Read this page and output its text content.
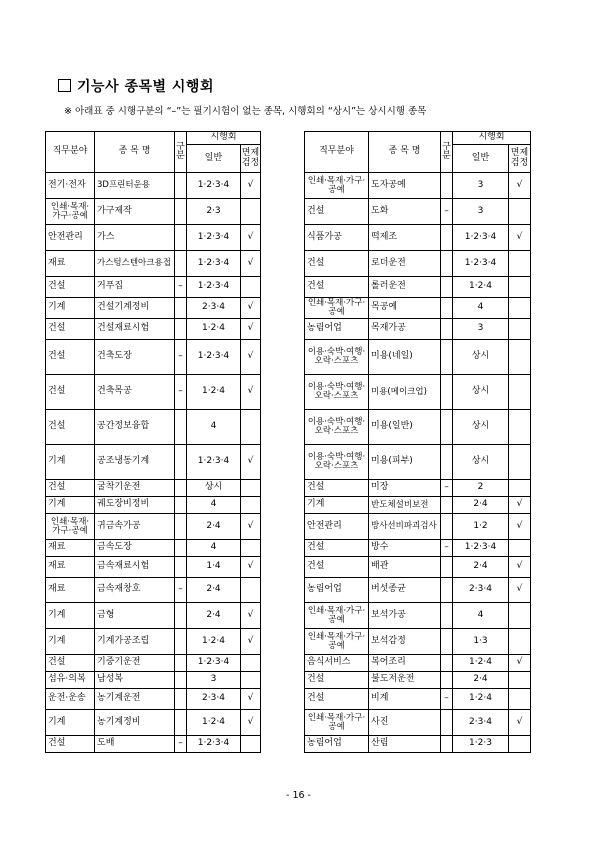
기능사 종목별 시행회
※ 아래표 중 시행구분의 “–”는 필기시험이 없는 종목, 시행회의 “상시”는 상시시행 종목
직무분야	종 목 명	구분	시행회	
			일반	면제검정
전기·전자	3D프린터운용		1·2·3·4	√
인쇄·목재·가구·공예	가구제작		2·3	
안전관리	가스		1·2·3·4	√
재료	가스텅스텐아크용접		1·2·3·4	√
건설	거푸집	–	1·2·3·4	
기계	건설기계정비		2·3·4	√
건설	건설재료시험		1·2·4	√
건설	건축도장	–	1·2·3·4	√
건설	건축목공	–	1·2·4	√
건설	공간정보융합		4	
기계	공조냉동기계		1·2·3·4	√
건설	굴착기운전		상시	
기계	궤도장비정비		4	
인쇄·목재·가구·공예	귀금속가공		2·4	√
재료	금속도장		4	
재료	금속재료시험		1·4	√
재료	금속재창호	–	2·4	
기계	금형		2·4	√
기계	기계가공조립		1·2·4	√
건설	기중기운전		1·2·3·4	
섬유·의복	남성복		3	
운전·운송	농기계운전		2·3·4	√
기계	농기계정비		1·2·4	√
건설	도배	–	1·2·3·4	
직무분야	종 목 명	구분	시행회	
			일반	면제검정
인쇄·목재·가구·공예	도자공예		3	√
건설	도화	–	3	
식품가공	떡제조		1·2·3·4	√
건설	로더운전		1·2·3·4	
건설	롤러운전		1·2·4	
인쇄·목재·가구·공예	목공예		4	
농림어업	목재가공		3	
이용·숙박·여행·오락·스포츠	미용(네일)		상시	
이용·숙박·여행·오락·스포츠	미용(메이크업)		상시	
이용·숙박·여행·오락·스포츠	미용(일반)		상시	
이용·숙박·여행·오락·스포츠	미용(피부)		상시	
건설	미장	–	2	
기계	반도체설비보전		2·4	√
안전관리	방사선비파괴검사		1·2	√
건설	방수	–	1·2·3·4	
건설	배관		2·4	√
농림어업	버섯종균		2·3·4	√
인쇄·목재·가구·공예	보석가공		4	
인쇄·목재·가구·공예	보석감정		1·3	
음식서비스	복어조리		1·2·4	√
건설	불도저운전		2·4	
건설	비계	–	1·2·4	
인쇄·목재·가구·공예	사진		2·3·4	√
농림어업	산림		1·2·3	
- 16 -
